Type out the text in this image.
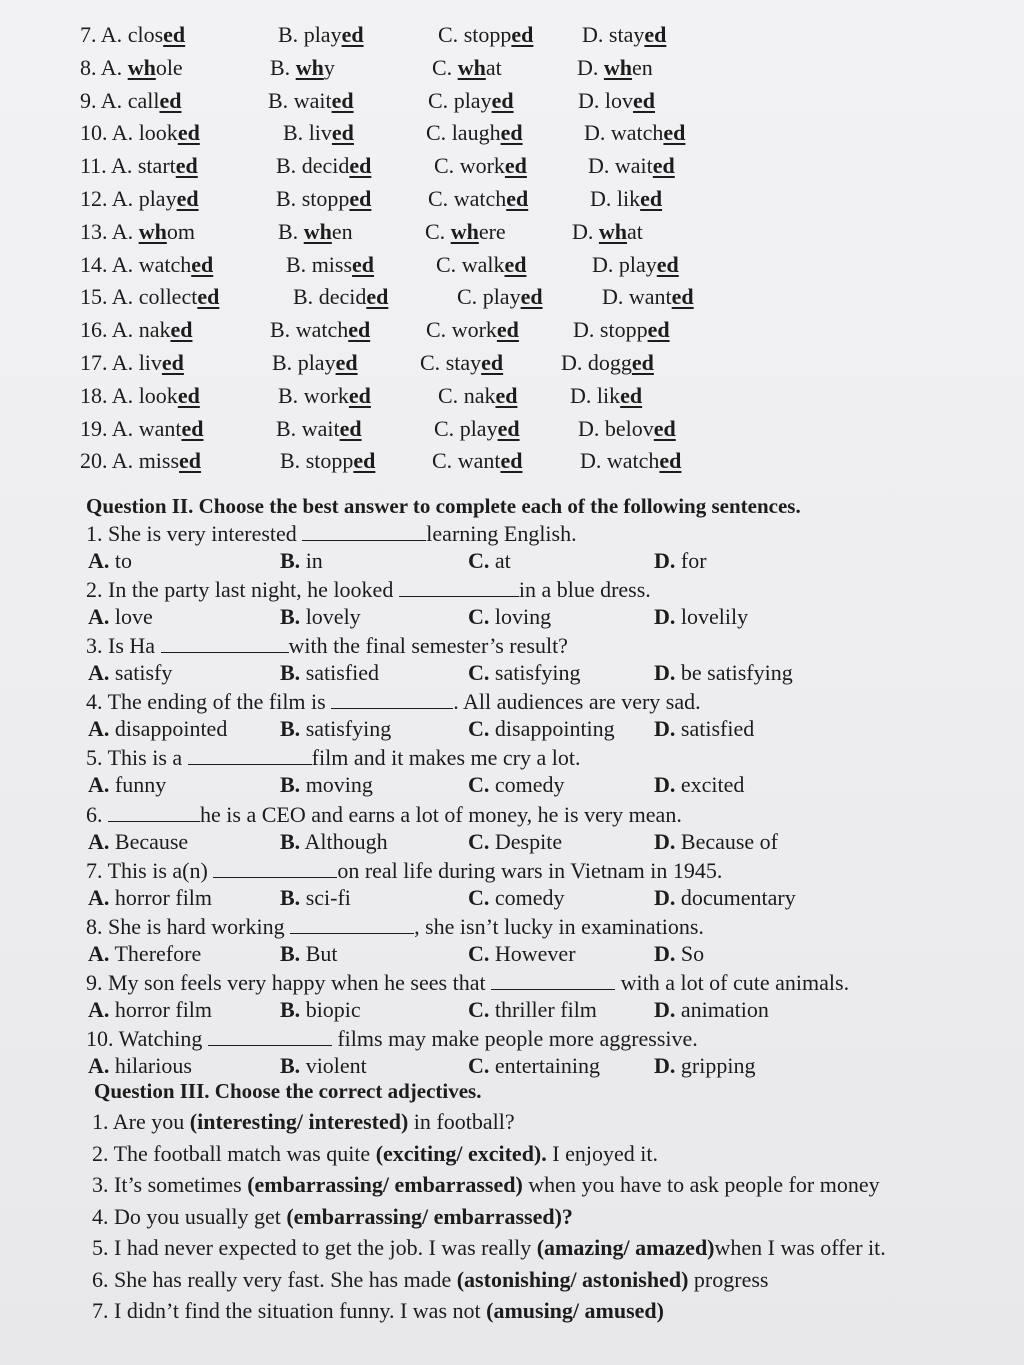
7. A. closed	B. played	C. stopped D. stayed
8. A. whole	B. why	C. what	D. when
9. A. called	B. waited	C. played	D. loved
10. A. looked	B. lived	C. laughed	D. watched
11. A. started	B. decided	C. worked	D. waited
12. A. played	B. stopped	C. watched	D. liked
13. A. whom	B. when	C. where	D. what
14. A. watched	B. missed	C. walked	D. played
15. A. collected	B. decided	C. played	D. wanted
16. A. naked	B. watched	C. worked D. stopped
17. A. lived	B. played	C. stayed	D. dogged
18. A. looked	B. worked	C. naked D. liked
19. A. wanted	B. waited	C. played	D. beloved
20. A. missed	B. stopped	C. wanted	D. watched
Question II. Choose the best answer to complete each of the following sentences.
1. She is very interested	learning English.
A. to	B. in	C. at	D. for
2. In the party last night, he looked	in a blue dress.
A. love	B. lovely	C. loving	D. lovelily
3. Is Ha	with the final semester’s result?
A. satisfy	B. satisfied	C. satisfying	D. be satisfying
4. The ending of the film is	. All audiences are very sad.
A. disappointed B. satisfying	C. disappointing D. satisfied
5. This is a	film and it makes me cry a lot.
A. funny	B. moving	C. comedy	D. excited
6.	he is a CEO and earns a lot of money, he is very mean.
A. Because	B. Although	C. Despite	D. Because of
7. This is a(n)	on real life during wars in Vietnam in 1945.
A. horror film	B. sci-fi	C. comedy	D. documentary
8. She is hard working	, she isn’t lucky in examinations.
A. Therefore	B. But	C. However	D. So
9. My son feels very happy when he sees that	with a lot of cute animals.
A. horror film	B. biopic	C. thriller film	D. animation
10. Watching	films may make people more aggressive.
A. hilarious	B. violent	C. entertaining D. gripping
Question III. Choose the correct adjectives.
1. Are you (interesting/ interested) in football?
2. The football match was quite (exciting/ excited). I enjoyed it.
3. It’s sometimes (embarrassing/ embarrassed) when you have to ask people for money
4. Do you usually get (embarrassing/ embarrassed)?
5. I had never expected to get the job. I was really (amazing/ amazed)when I was offer it.
6. She has really very fast. She has made (astonishing/ astonished) progress
7. I didn’t find the situation funny. I was not (amusing/ amused)
